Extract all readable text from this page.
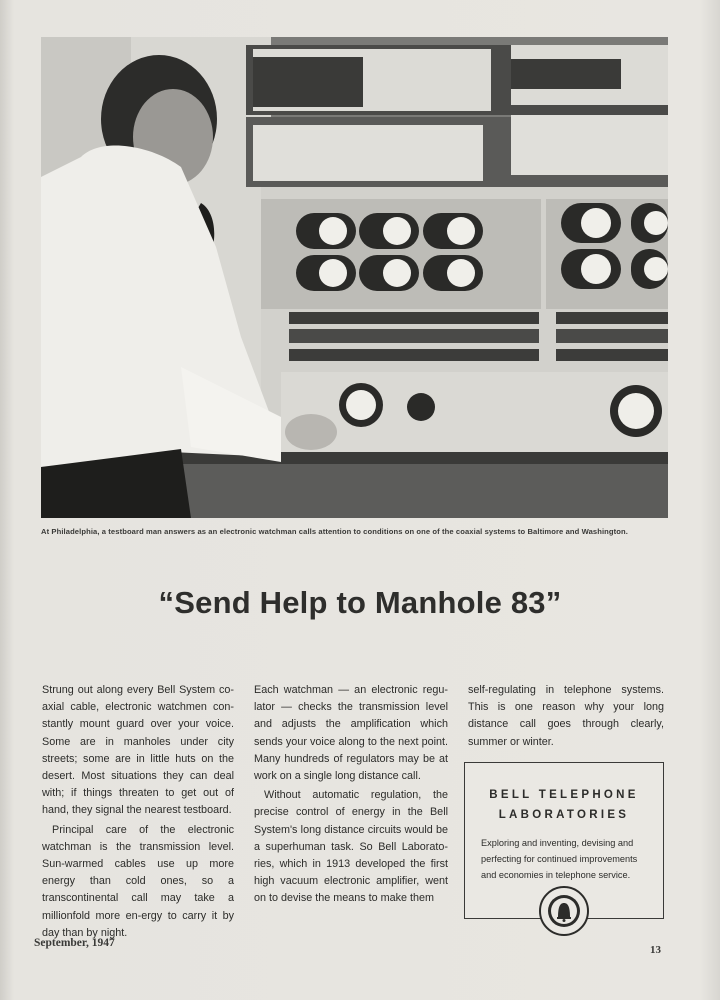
At Philadelphia, a testboard man answers as an electronic watchman calls attention to conditions on one of the coaxial systems to Baltimore and Washington.
“Send Help to Manhole 83”

Strung out along every Bell System co-axial cable, electronic watchmen con-stantly mount guard over your voice. Some are in manholes under city streets; some are in little huts on the desert. Most situations they can deal with; if things threaten to get out of hand, they signal the nearest testboard.

Principal care of the electronic watchman is the transmission level. Sun-warmed cables use up more energy than cold ones, so a transcontinental call may take a millionfold more en-ergy to carry it by day than by night.

Each watchman — an electronic regu-lator — checks the transmission level and adjusts the amplification which sends your voice along to the next point. Many hundreds of regulators may be at work on a single long distance call.

Without automatic regulation, the precise control of energy in the Bell System's long distance circuits would be a superhuman task. So Bell Laborato-ries, which in 1913 developed the first high vacuum electronic amplifier, went on to devise the means to make them

self-regulating in telephone systems. This is one reason why your long distance call goes through clearly, summer or winter.

BELL TELEPHONE
LABORATORIES
Exploring and inventing, devising and perfecting for continued improvements and economies in telephone service.
September, 1947
13
